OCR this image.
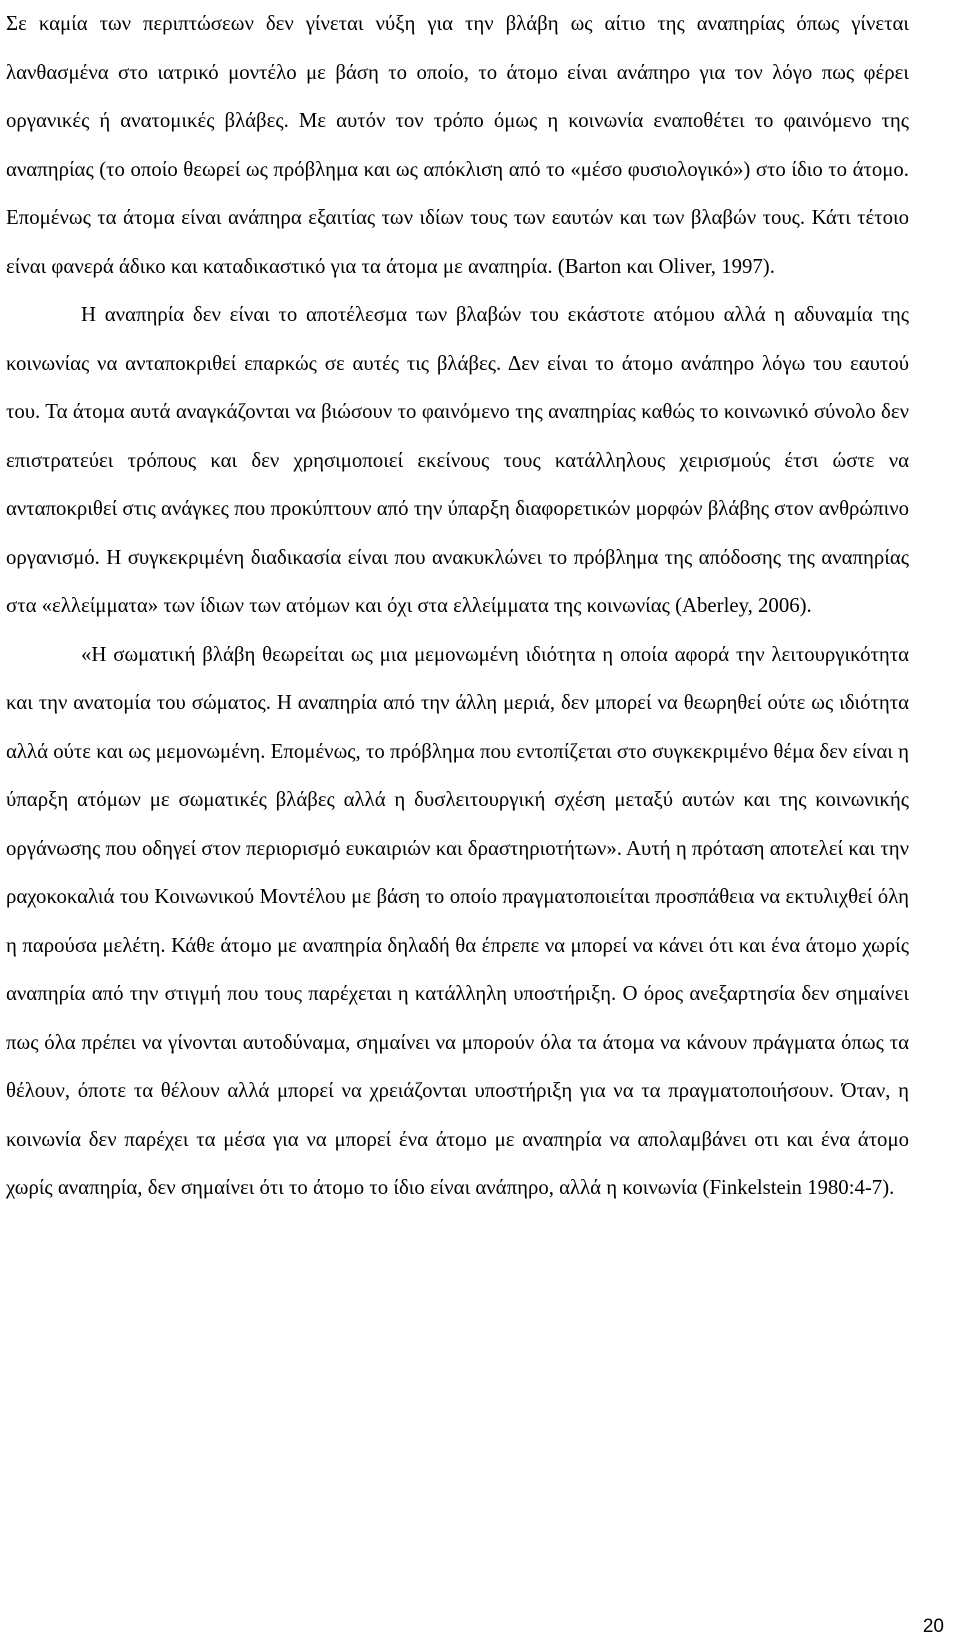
Σε καμία των περιπτώσεων δεν γίνεται νύξη για την βλάβη ως αίτιο της αναπηρίας όπως γίνεται λανθασμένα στο ιατρικό μοντέλο με βάση το οποίο, το άτομο είναι ανάπηρο για τον λόγο πως φέρει οργανικές ή ανατομικές βλάβες. Με αυτόν τον τρόπο όμως η κοινωνία εναποθέτει το φαινόμενο της αναπηρίας (το οποίο θεωρεί ως πρόβλημα και ως απόκλιση από το «μέσο φυσιολογικό») στο ίδιο το άτομο. Επομένως τα άτομα είναι ανάπηρα εξαιτίας των ιδίων τους των εαυτών και των βλαβών τους. Κάτι τέτοιο είναι φανερά άδικο και καταδικαστικό για τα άτομα με αναπηρία. (Barton και Oliver, 1997).

Η αναπηρία δεν είναι το αποτέλεσμα των βλαβών του εκάστοτε ατόμου αλλά η αδυναμία της κοινωνίας να ανταποκριθεί επαρκώς σε αυτές τις βλάβες. Δεν είναι το άτομο ανάπηρο λόγω του εαυτού του. Τα άτομα αυτά αναγκάζονται να βιώσουν το φαινόμενο της αναπηρίας καθώς το κοινωνικό σύνολο δεν επιστρατεύει τρόπους και δεν χρησιμοποιεί εκείνους τους κατάλληλους χειρισμούς έτσι ώστε να ανταποκριθεί στις ανάγκες που προκύπτουν από την ύπαρξη διαφορετικών μορφών βλάβης στον ανθρώπινο οργανισμό. Η συγκεκριμένη διαδικασία είναι που ανακυκλώνει το πρόβλημα της απόδοσης της αναπηρίας στα «ελλείμματα» των ίδιων των ατόμων και όχι στα ελλείμματα της κοινωνίας (Aberley, 2006).

«Η σωματική βλάβη θεωρείται ως μια μεμονωμένη ιδιότητα η οποία αφορά την λειτουργικότητα και την ανατομία του σώματος. Η αναπηρία από την άλλη μεριά, δεν μπορεί να θεωρηθεί ούτε ως ιδιότητα αλλά ούτε και ως μεμονωμένη. Επομένως, το πρόβλημα που εντοπίζεται στο συγκεκριμένο θέμα δεν είναι η ύπαρξη ατόμων με σωματικές βλάβες αλλά η δυσλειτουργική σχέση μεταξύ αυτών και της κοινωνικής οργάνωσης που οδηγεί στον περιορισμό ευκαιριών και δραστηριοτήτων». Αυτή η πρόταση αποτελεί και την ραχοκοκαλιά του Κοινωνικού Μοντέλου με βάση το οποίο πραγματοποιείται προσπάθεια να εκτυλιχθεί όλη η παρούσα μελέτη. Κάθε άτομο με αναπηρία δηλαδή θα έπρεπε να μπορεί να κάνει ότι και ένα άτομο χωρίς αναπηρία από την στιγμή που τους παρέχεται η κατάλληλη υποστήριξη. Ο όρος ανεξαρτησία δεν σημαίνει πως όλα πρέπει να γίνονται αυτοδύναμα, σημαίνει να μπορούν όλα τα άτομα να κάνουν πράγματα όπως τα θέλουν, όποτε τα θέλουν αλλά μπορεί να χρειάζονται υποστήριξη για να τα πραγματοποιήσουν. Όταν, η κοινωνία δεν παρέχει τα μέσα για να μπορεί ένα άτομο με αναπηρία να απολαμβάνει οτι και ένα άτομο χωρίς αναπηρία, δεν σημαίνει ότι το άτομο το ίδιο είναι ανάπηρο, αλλά η κοινωνία (Finkelstein 1980:4-7).

20
